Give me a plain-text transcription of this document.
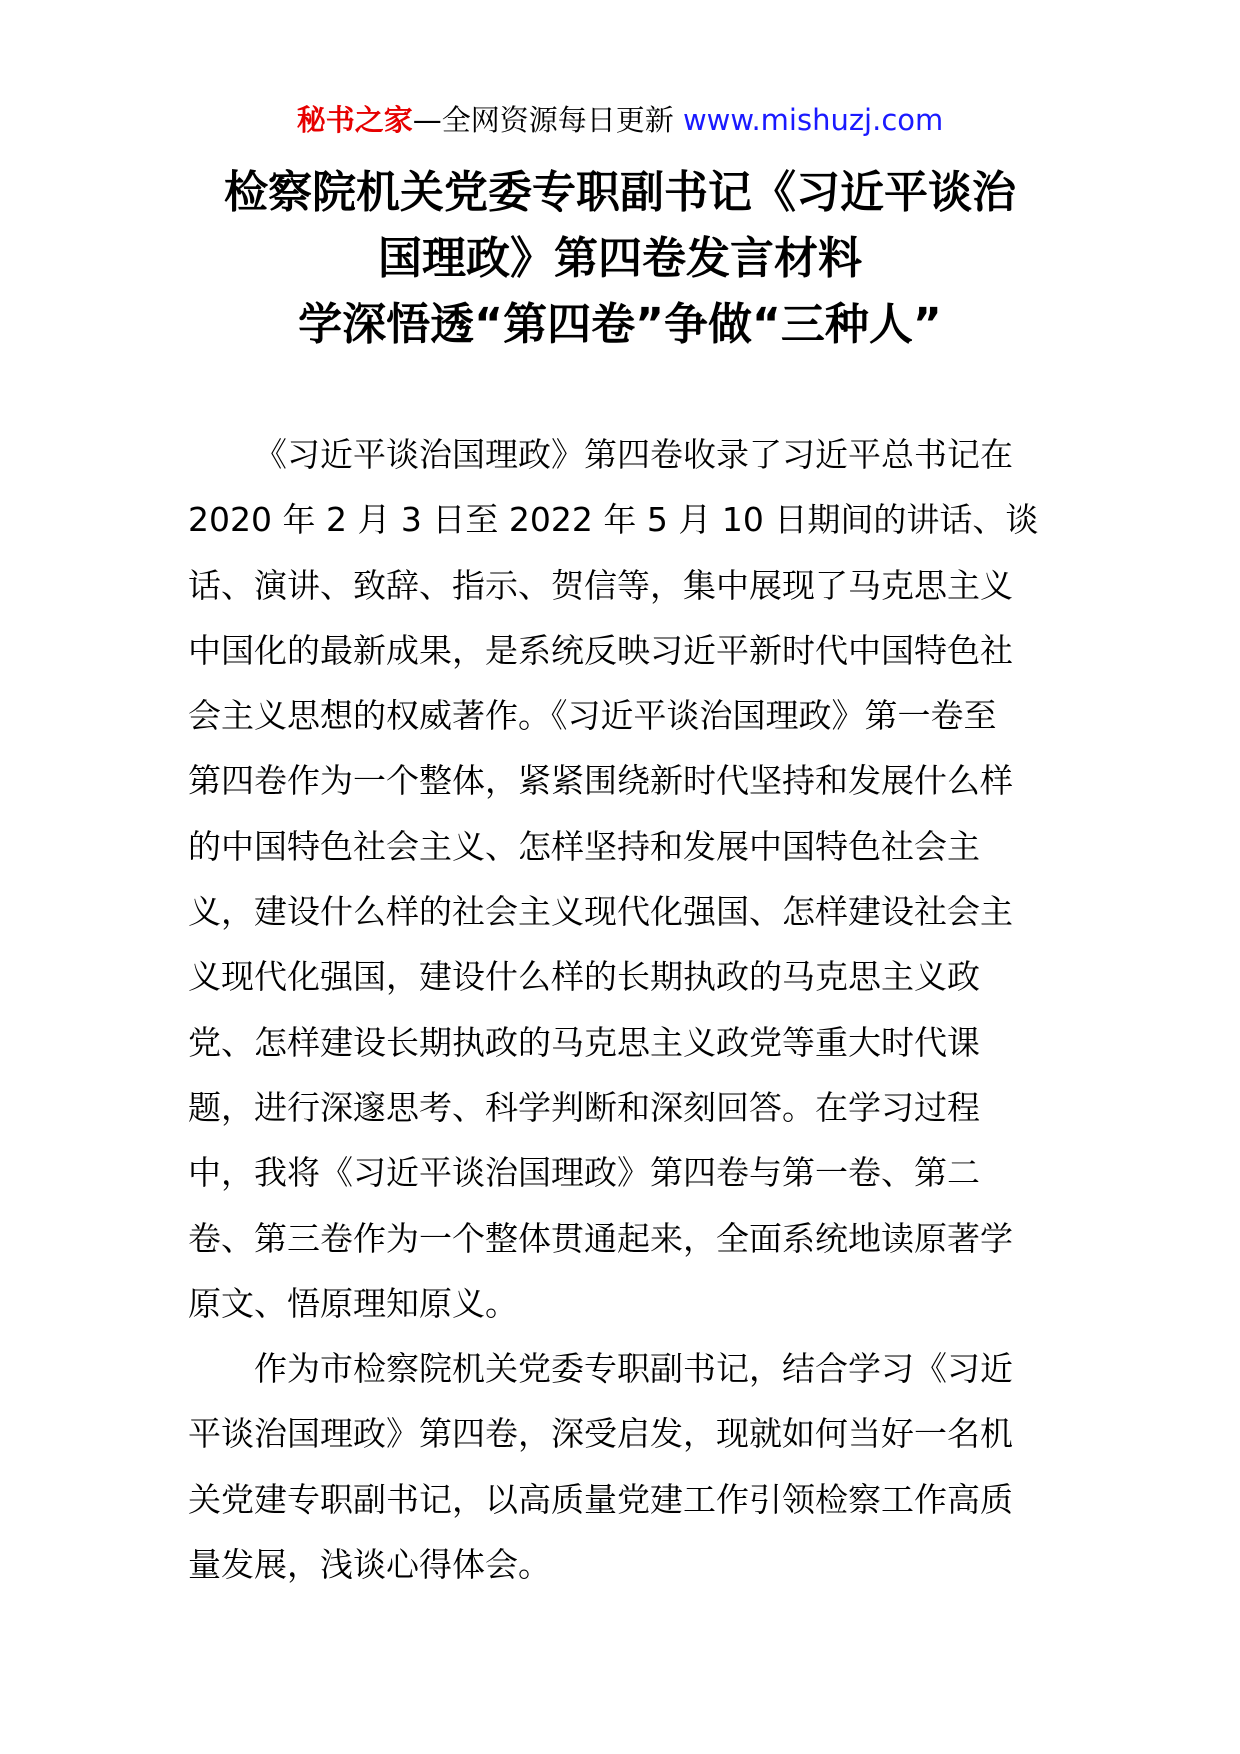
秘书之家—全网资源每日更新 www.mishuzj.com
检察院机关党委专职副书记《习近平谈治
国理政》第四卷发言材料
学深悟透“第四卷”争做“三种人”
《习近平谈治国理政》第四卷收录了习近平总书记在
2020 年 2 月 3 日至 2022 年 5 月 10 日期间的讲话、谈
话、演讲、致辞、指示、贺信等，集中展现了马克思主义
中国化的最新成果，是系统反映习近平新时代中国特色社
会主义思想的权威著作。《习近平谈治国理政》第一卷至
第四卷作为一个整体，紧紧围绕新时代坚持和发展什么样
的中国特色社会主义、怎样坚持和发展中国特色社会主
义，建设什么样的社会主义现代化强国、怎样建设社会主
义现代化强国，建设什么样的长期执政的马克思主义政
党、怎样建设长期执政的马克思主义政党等重大时代课
题，进行深邃思考、科学判断和深刻回答。在学习过程
中，我将《习近平谈治国理政》第四卷与第一卷、第二
卷、第三卷作为一个整体贯通起来，全面系统地读原著学
原文、悟原理知原义。
作为市检察院机关党委专职副书记，结合学习《习近
平谈治国理政》第四卷，深受启发，现就如何当好一名机
关党建专职副书记，以高质量党建工作引领检察工作高质
量发展，浅谈心得体会。
